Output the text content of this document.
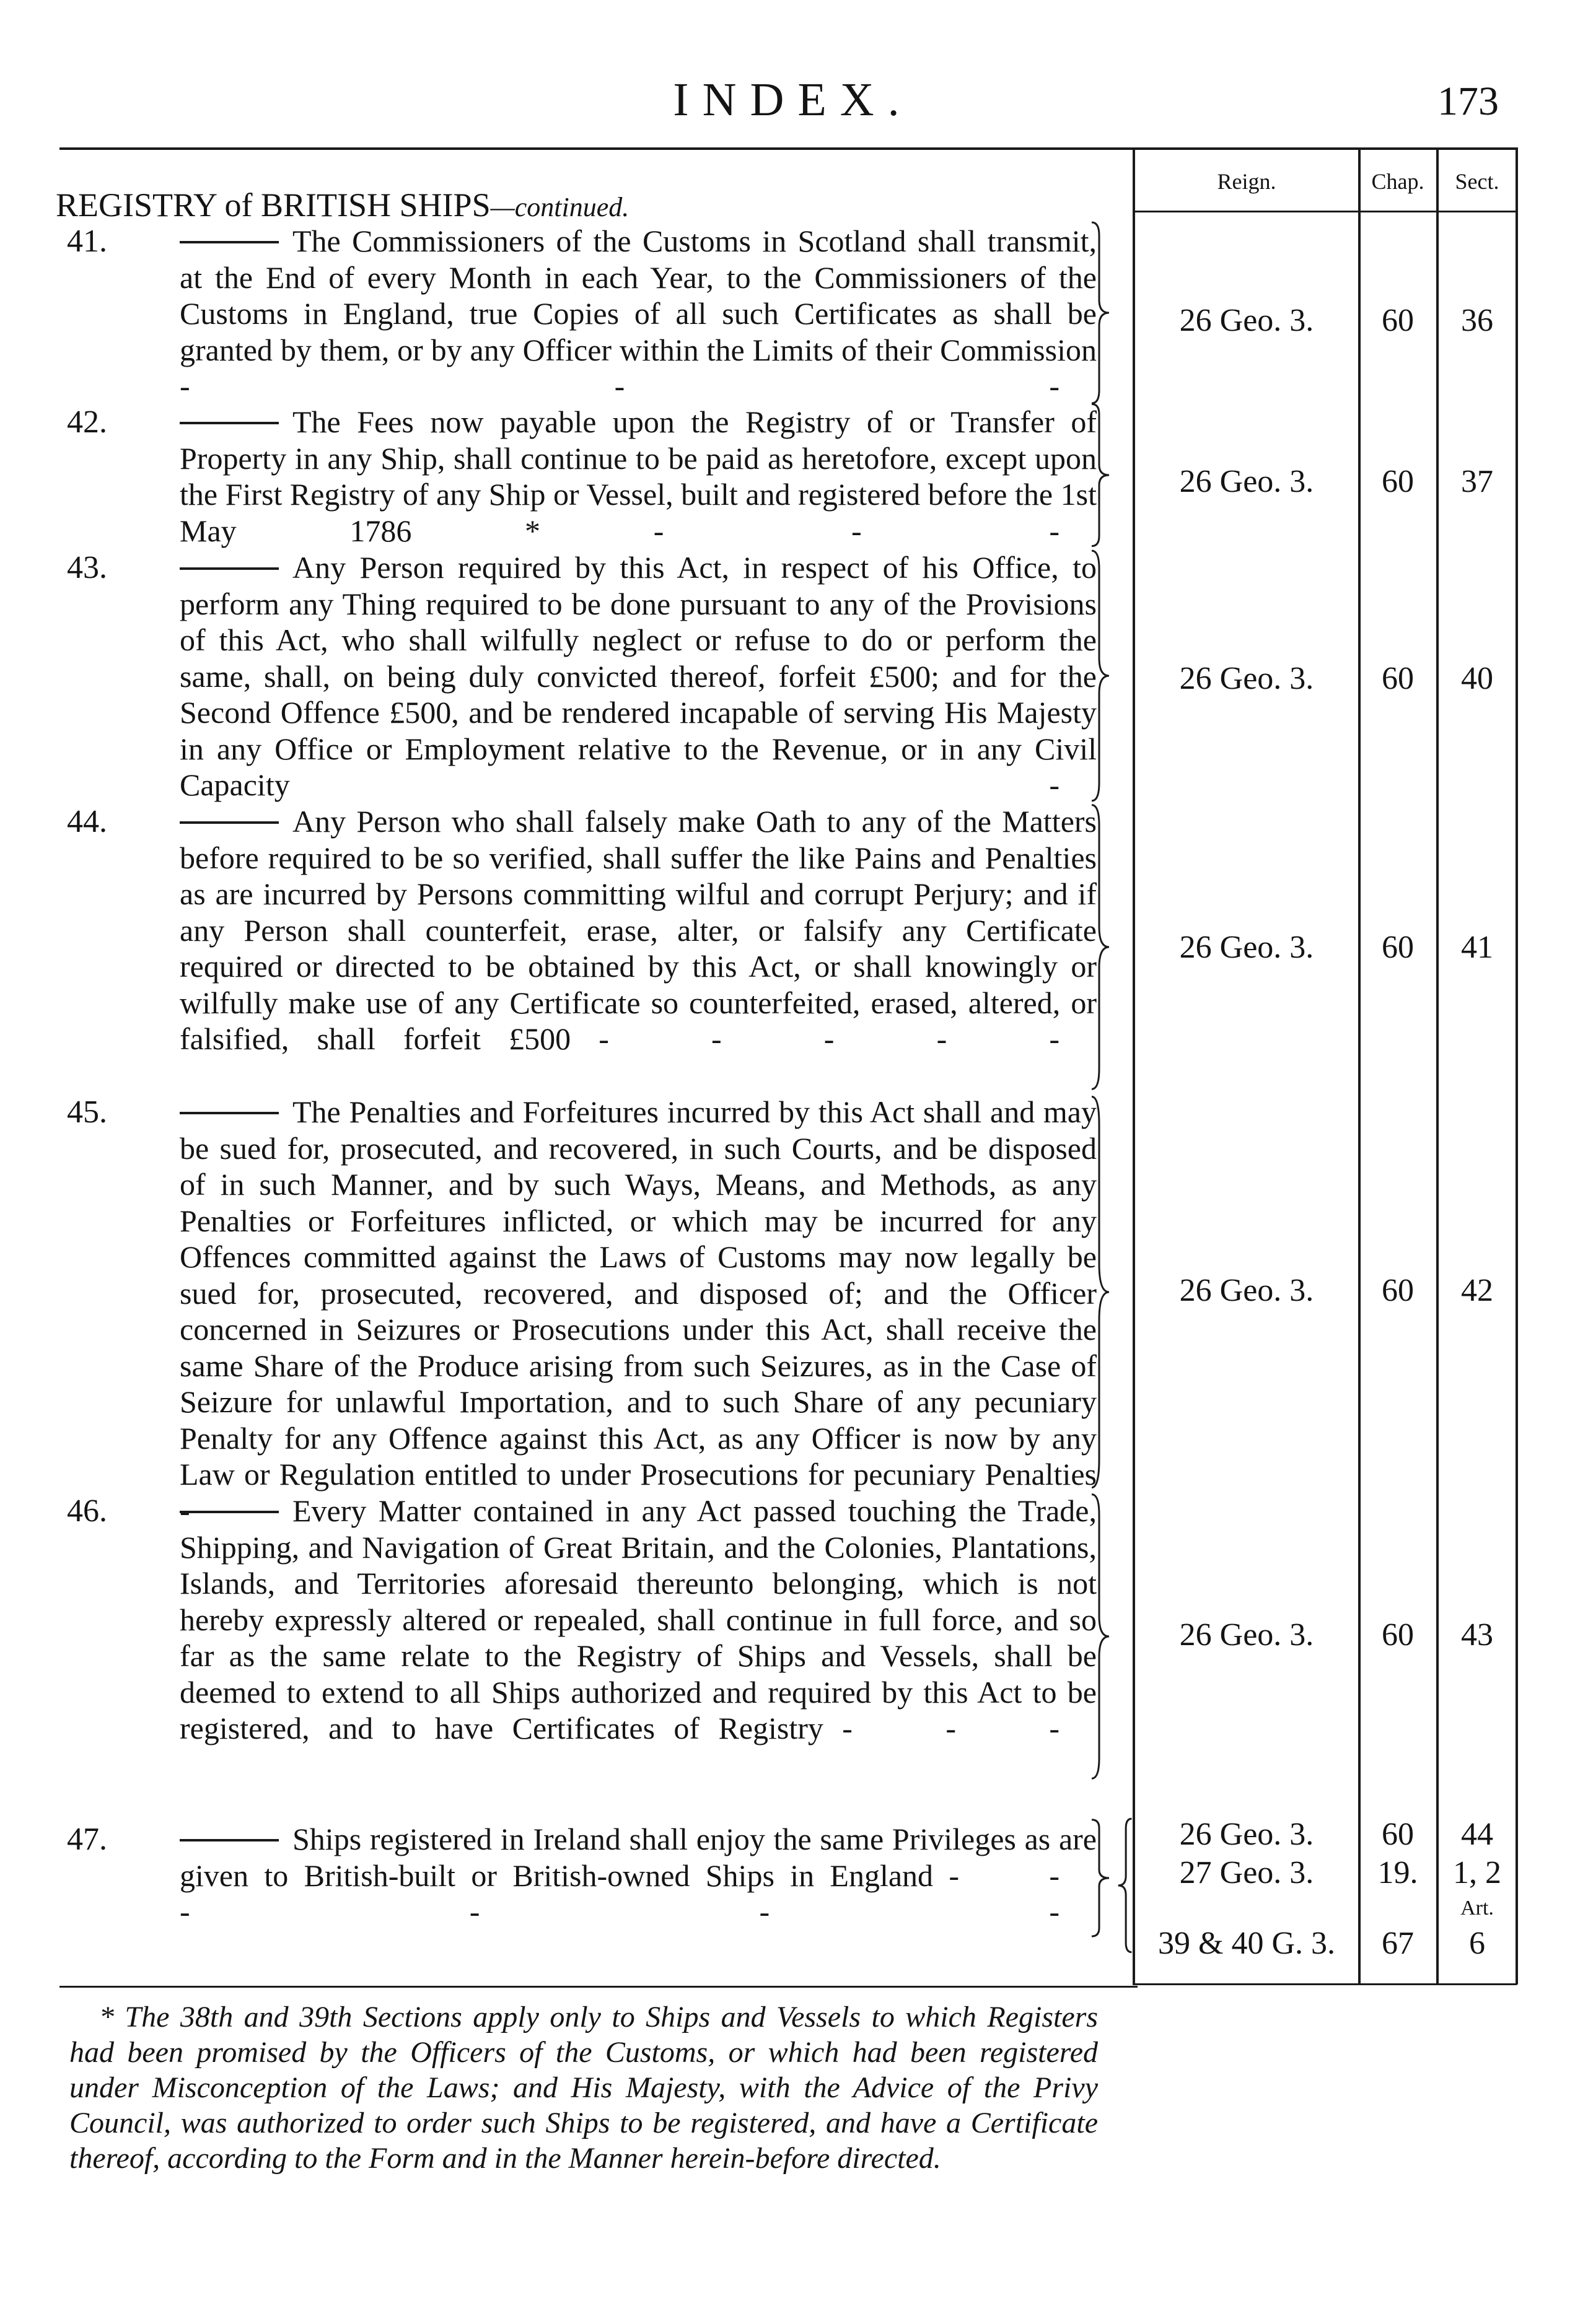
INDEX.	173
Reign.	Chap.	Sect.
REGISTRY of BRITISH SHIPS—continued.
41.	The Commissioners of the Customs in Scotland shall transmit, at the End of every Month in each Year, to the Commissioners of the Customs in England, true Copies of all such Certificates as shall be granted by them, or by any Officer within the Limits of their Commission - - -
26 Geo. 3.	60	36
42.	The Fees now payable upon the Registry of or Transfer of Property in any Ship, shall continue to be paid as heretofore, except upon the First Registry of any Ship or Vessel, built and registered before the 1st May 1786 *	- - -
26 Geo. 3.	60	37
43.	Any Person required by this Act, in respect of his Office, to perform any Thing required to be done pursuant to any of the Provisions of this Act, who shall wilfully neglect or refuse to do or perform the same, shall, on being duly convicted thereof, forfeit £500; and for the Second Offence £500, and be rendered incapable of serving His Majesty in any Office or Employment relative to the Revenue, or in any Civil Capacity	-
26 Geo. 3.	60	40
44.	Any Person who shall falsely make Oath to any of the Matters before required to be so verified, shall suffer the like Pains and Penalties as are incurred by Persons committing wilful and corrupt Perjury; and if any Person shall counterfeit, erase, alter, or falsify any Certificate required or directed to be obtained by this Act, or shall knowingly or wilfully make use of any Certificate so counterfeited, erased, altered, or falsified, shall forfeit £500 - - - - -
26 Geo. 3.	60	41
45.	The Penalties and Forfeitures incurred by this Act shall and may be sued for, prosecuted, and recovered, in such Courts, and be disposed of in such Manner, and by such Ways, Means, and Methods, as any Penalties or Forfeitures inflicted, or which may be incurred for any Offences committed against the Laws of Customs may now legally be sued for, prosecuted, recovered, and disposed of; and the Officer concerned in Seizures or Prosecutions under this Act, shall receive the same Share of the Produce arising from such Seizures, as in the Case of Seizure for unlawful Importation, and to such Share of any pecuniary Penalty for any Offence against this Act, as any Officer is now by any Law or Regulation entitled to under Prosecutions for pecuniary Penalties -
26 Geo. 3.	60	42
46.	Every Matter contained in any Act passed touching the Trade, Shipping, and Navigation of Great Britain, and the Colonies, Plantations, Islands, and Territories aforesaid thereunto belonging, which is not hereby expressly altered or repealed, shall continue in full force, and so far as the same relate to the Registry of Ships and Vessels, shall be deemed to extend to all Ships authorized and required by this Act to be registered, and to have Certificates of Registry - - -
26 Geo. 3.	60	43
47.	Ships registered in Ireland shall enjoy the same Privileges as are given to British-built or British-owned Ships in England - - - - - -
26 Geo. 3.	60	44
27 Geo. 3.	19.	1, 2
Art.
39 & 40 G. 3.	67	6
* The 38th and 39th Sections apply only to Ships and Vessels to which Registers had been promised by the Officers of the Customs, or which had been registered under Misconception of the Laws; and His Majesty, with the Advice of the Privy Council, was authorized to order such Ships to be registered, and have a Certificate thereof, according to the Form and in the Manner herein-before directed.
